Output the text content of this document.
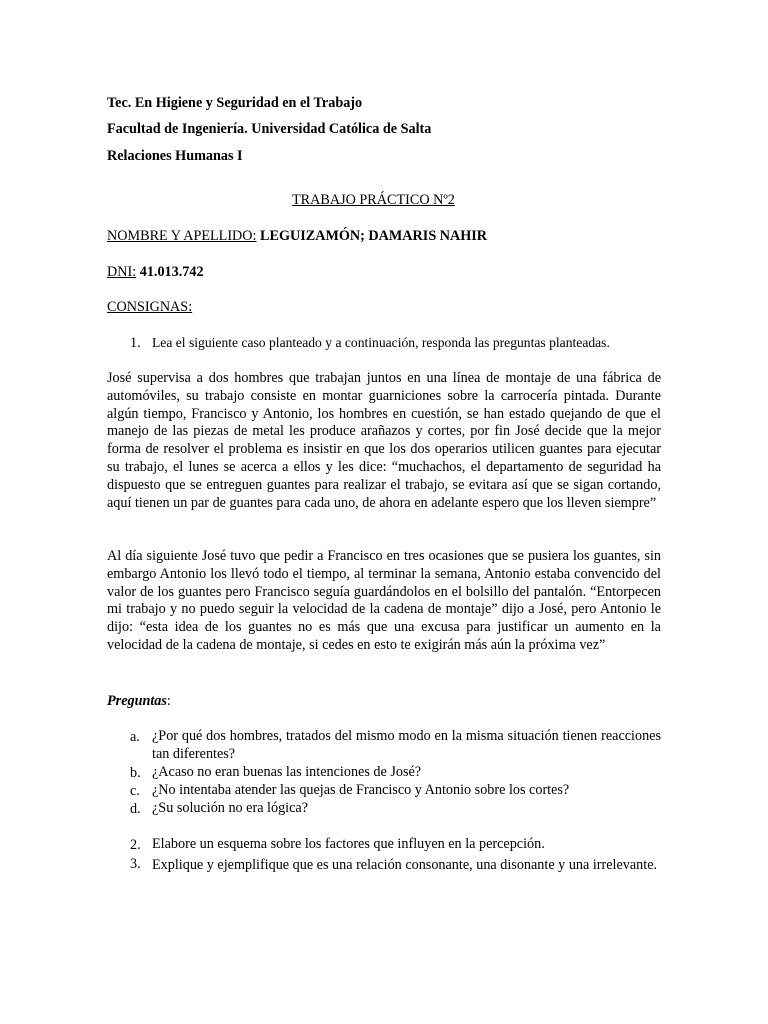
Tec. En Higiene y Seguridad en el Trabajo
Facultad de Ingeniería. Universidad Católica de Salta
Relaciones Humanas I
TRABAJO PRÁCTICO Nº2
NOMBRE Y APELLIDO: LEGUIZAMÓN; DAMARIS NAHIR
DNI: 41.013.742
CONSIGNAS:
1. Lea el siguiente caso planteado y a continuación, responda las preguntas planteadas.
José supervisa a dos hombres que trabajan juntos en una línea de montaje de una fábrica de automóviles, su trabajo consiste en montar guarniciones sobre la carrocería pintada. Durante algún tiempo, Francisco y Antonio, los hombres en cuestión, se han estado quejando de que el manejo de las piezas de metal les produce arañazos y cortes, por fin José decide que la mejor forma de resolver el problema es insistir en que los dos operarios utilicen guantes para ejecutar su trabajo, el lunes se acerca a ellos y les dice: “muchachos, el departamento de seguridad ha dispuesto que se entreguen guantes para realizar el trabajo, se evitara así que se sigan cortando, aquí tienen un par de guantes para cada uno, de ahora en adelante espero que los lleven siempre”
Al día siguiente José tuvo que pedir a Francisco en tres ocasiones que se pusiera los guantes, sin embargo Antonio los llevó todo el tiempo, al terminar la semana, Antonio estaba convencido del valor de los guantes pero Francisco seguía guardándolos en el bolsillo del pantalón. “Entorpecen mi trabajo y no puedo seguir la velocidad de la cadena de montaje” dijo a José, pero Antonio le dijo: “esta idea de los guantes no es más que una excusa para justificar un aumento en la velocidad de la cadena de montaje, si cedes en esto te exigirán más aún la próxima vez”
Preguntas:
a. ¿Por qué dos hombres, tratados del mismo modo en la misma situación tienen reacciones tan diferentes?
b. ¿Acaso no eran buenas las intenciones de José?
c. ¿No intentaba atender las quejas de Francisco y Antonio sobre los cortes?
d. ¿Su solución no era lógica?
2. Elabore un esquema sobre los factores que influyen en la percepción.
3. Explique y ejemplifique que es una relación consonante, una disonante y una irrelevante.
